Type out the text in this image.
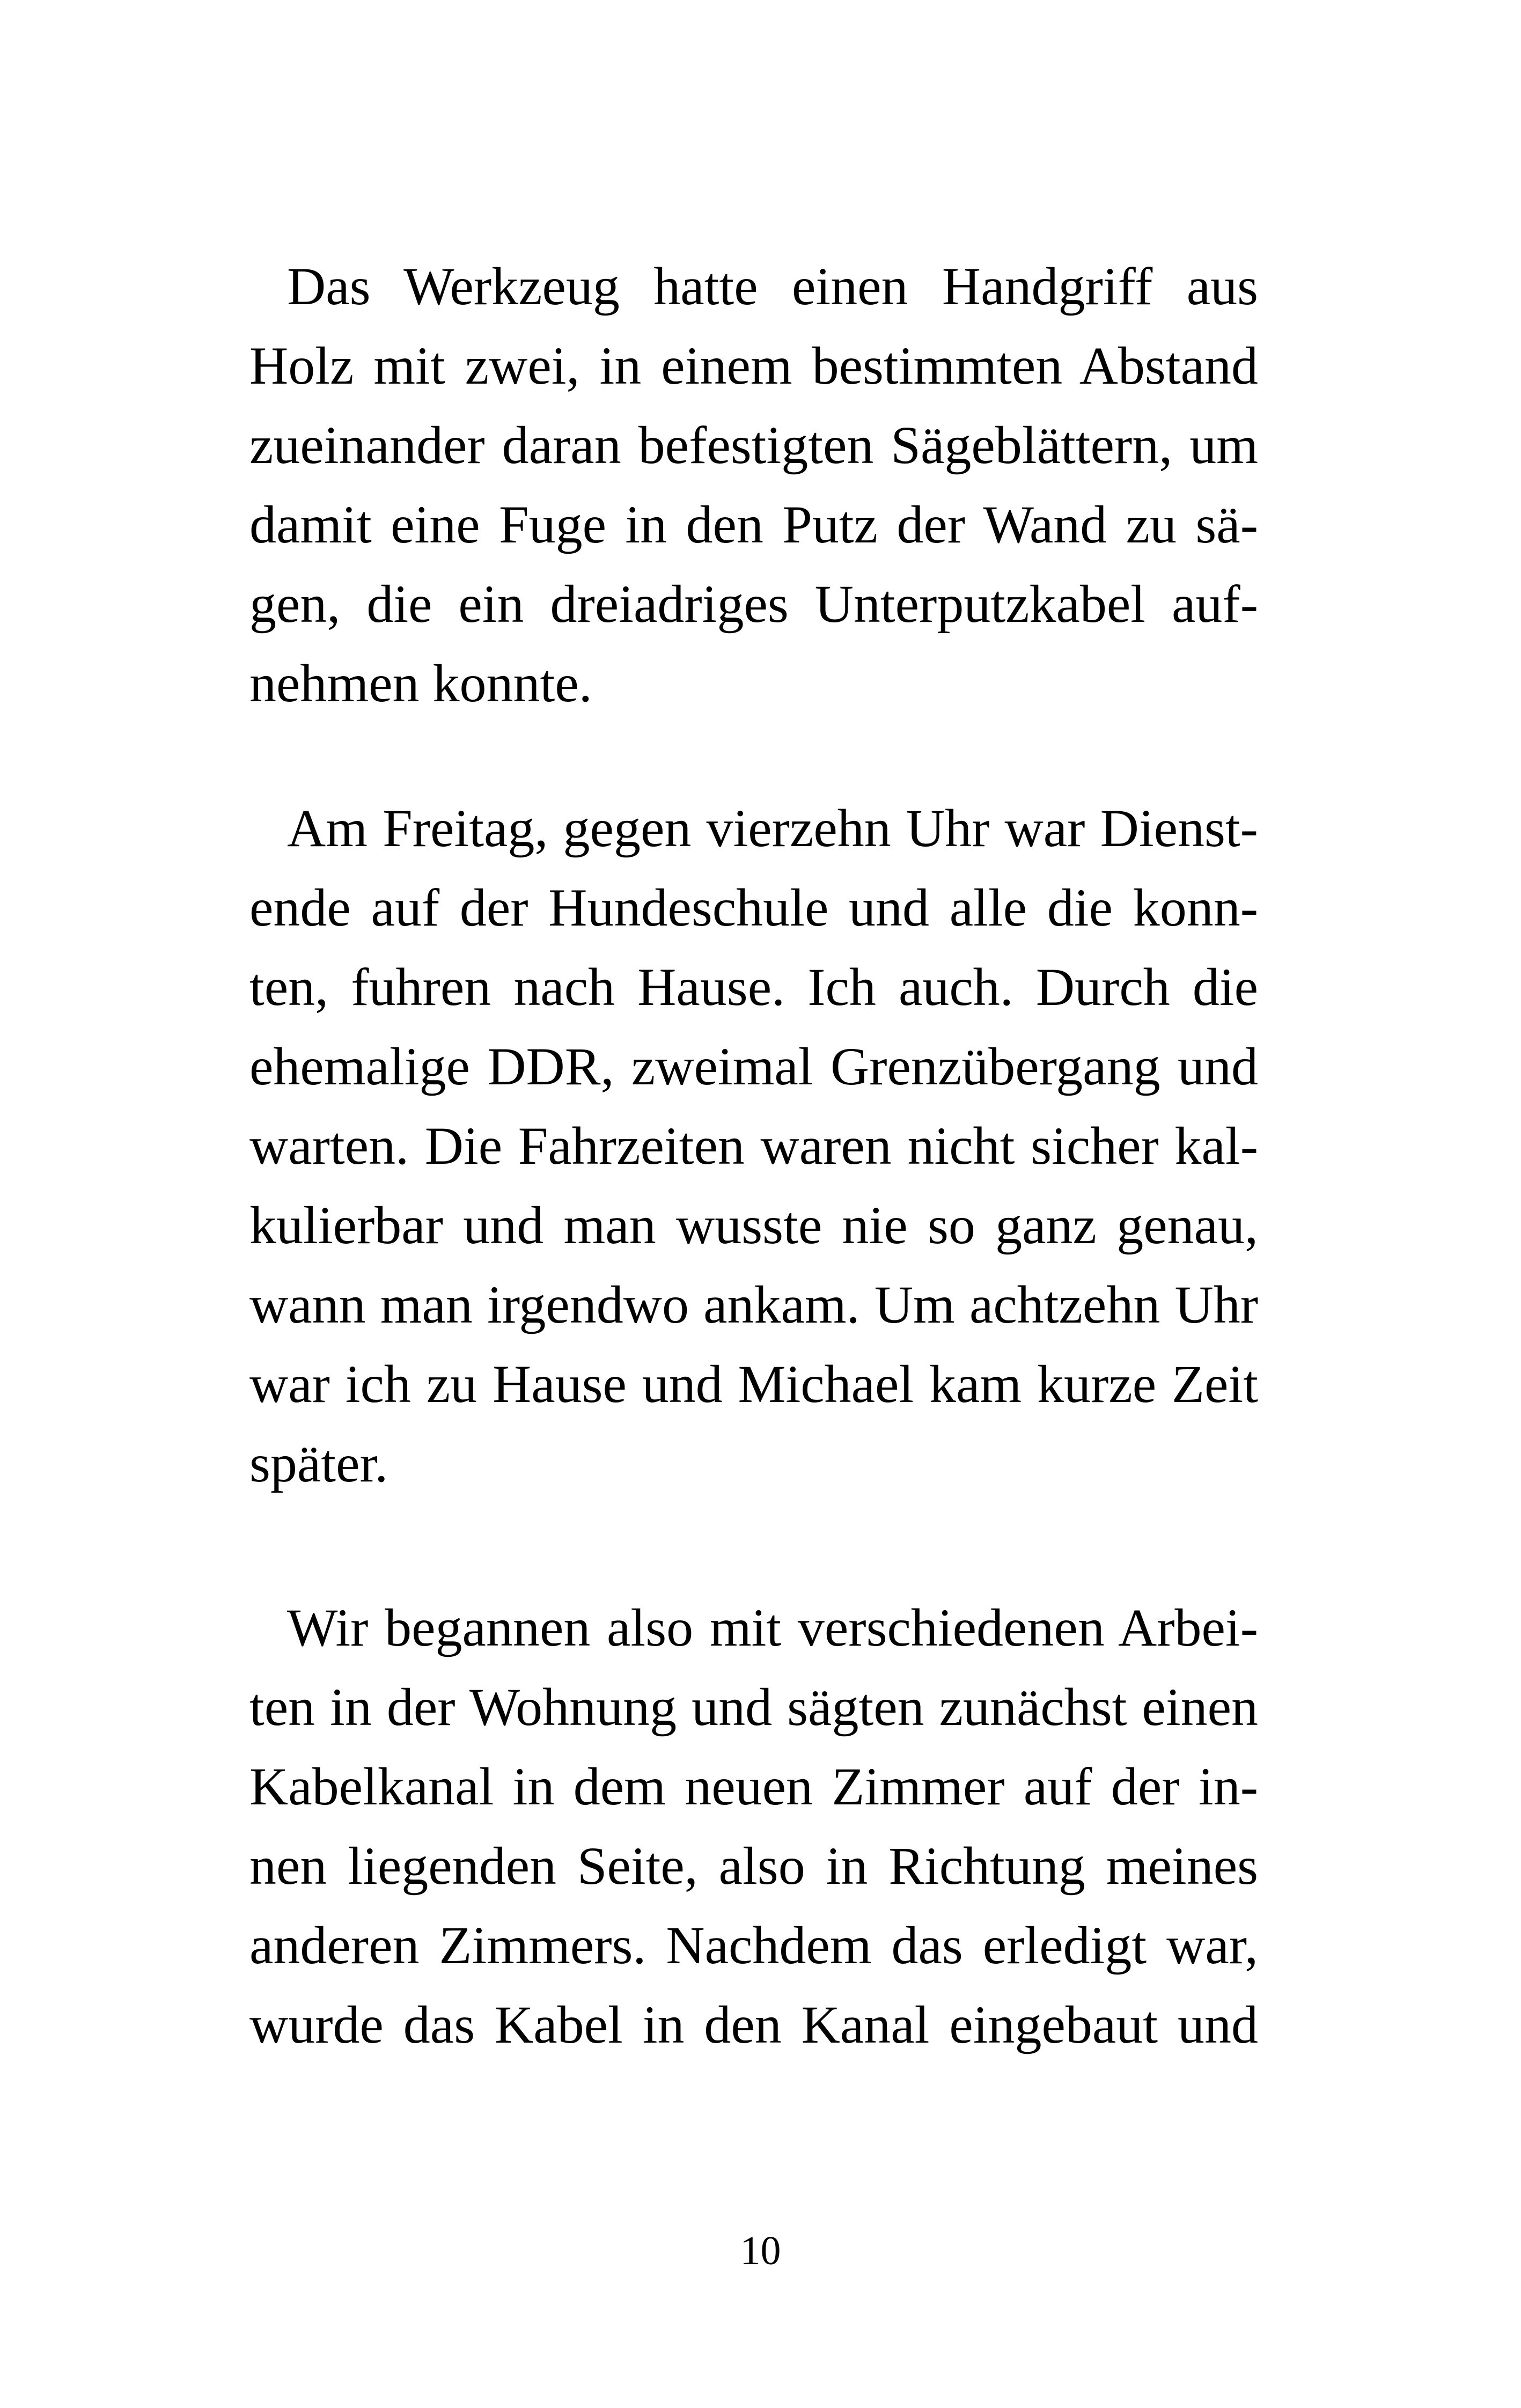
Das Werkzeug hatte einen Handgriff aus
Holz mit zwei, in einem bestimmten Abstand
zueinander daran befestigten Sägeblättern, um
damit eine Fuge in den Putz der Wand zu sä-
gen, die ein dreiadriges Unterputzkabel auf-
nehmen konnte.
Am Freitag, gegen vierzehn Uhr war Dienst-
ende auf der Hundeschule und alle die konn-
ten, fuhren nach Hause. Ich auch. Durch die
ehemalige DDR, zweimal Grenzübergang und
warten. Die Fahrzeiten waren nicht sicher kal-
kulierbar und man wusste nie so ganz genau,
wann man irgendwo ankam. Um achtzehn Uhr
war ich zu Hause und Michael kam kurze Zeit
später.
Wir begannen also mit verschiedenen Arbei-
ten in der Wohnung und sägten zunächst einen
Kabelkanal in dem neuen Zimmer auf der in-
nen liegenden Seite, also in Richtung meines
anderen Zimmers. Nachdem das erledigt war,
wurde das Kabel in den Kanal eingebaut und
10
